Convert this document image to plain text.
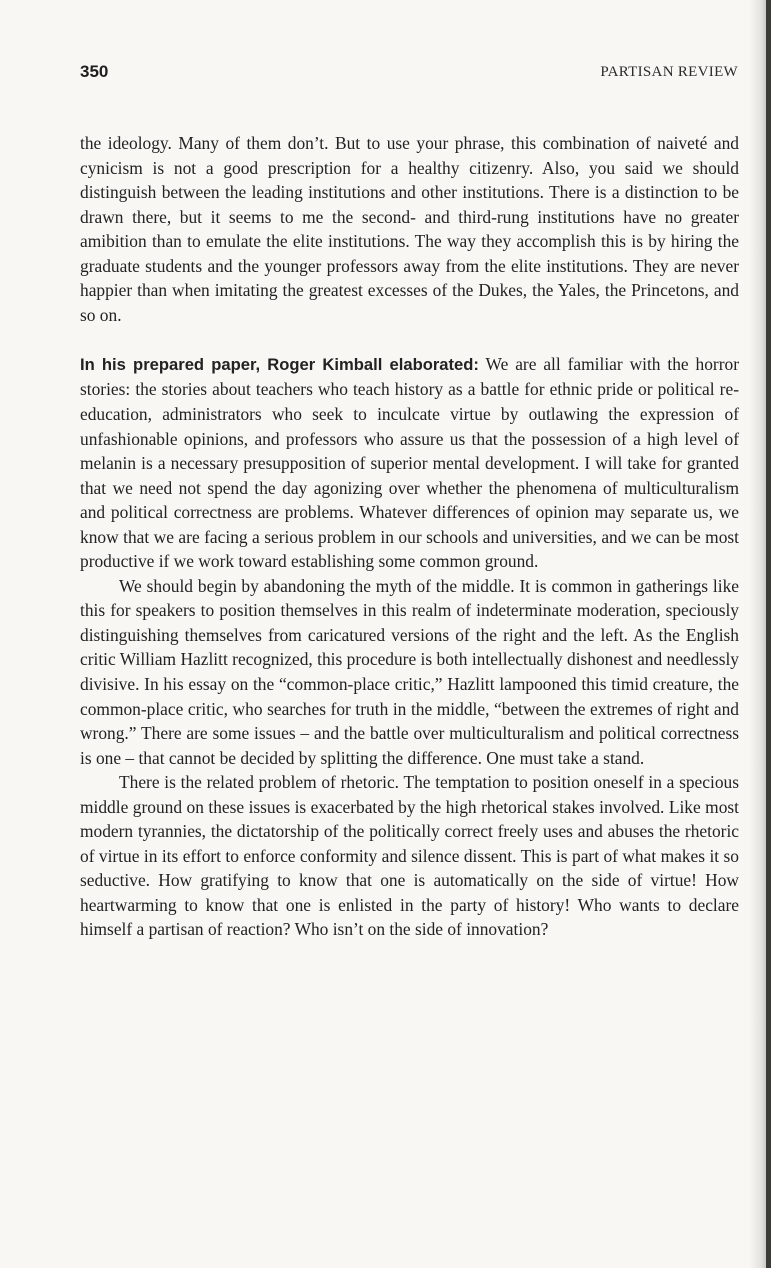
350	PARTISAN REVIEW

the ideology. Many of them don’t. But to use your phrase, this combination of naiveté and cynicism is not a good prescription for a healthy citizenry. Also, you said we should distinguish between the leading institutions and other institutions. There is a distinction to be drawn there, but it seems to me the second- and third-rung institutions have no greater amibition than to emulate the elite institutions. The way they accomplish this is by hiring the graduate students and the younger professors away from the elite institutions. They are never happier than when imitating the greatest excesses of the Dukes, the Yales, the Princetons, and so on.

In his prepared paper, Roger Kimball elaborated: We are all familiar with the horror stories: the stories about teachers who teach history as a battle for ethnic pride or political re-education, administrators who seek to inculcate virtue by outlawing the expression of unfashionable opinions, and professors who assure us that the possession of a high level of melanin is a necessary presupposition of superior mental development. I will take for granted that we need not spend the day agonizing over whether the phenomena of multiculturalism and political correctness are problems. Whatever differences of opinion may separate us, we know that we are facing a serious problem in our schools and universities, and we can be most productive if we work toward establishing some common ground.

We should begin by abandoning the myth of the middle. It is common in gatherings like this for speakers to position themselves in this realm of indeterminate moderation, speciously distinguishing themselves from caricatured versions of the right and the left. As the English critic William Hazlitt recognized, this procedure is both intellectually dishonest and needlessly divisive. In his essay on the “common-place critic,” Hazlitt lampooned this timid creature, the common-place critic, who searches for truth in the middle, “between the extremes of right and wrong.” There are some issues – and the battle over multiculturalism and political correctness is one – that cannot be decided by splitting the difference. One must take a stand.

There is the related problem of rhetoric. The temptation to position oneself in a specious middle ground on these issues is exacerbated by the high rhetorical stakes involved. Like most modern tyrannies, the dictatorship of the politically correct freely uses and abuses the rhetoric of virtue in its effort to enforce conformity and silence dissent. This is part of what makes it so seductive. How gratifying to know that one is automatically on the side of virtue! How heartwarming to know that one is enlisted in the party of history! Who wants to declare himself a partisan of reaction? Who isn’t on the side of innovation?
